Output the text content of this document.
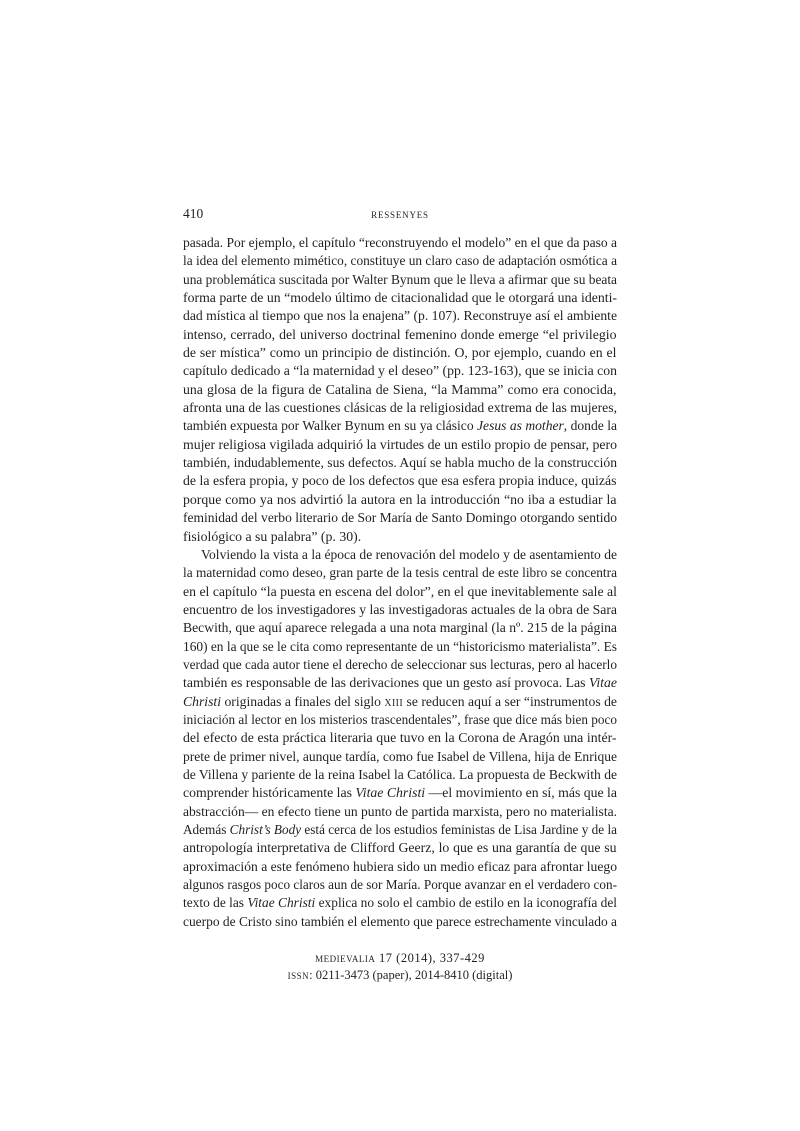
410	ressenyes
pasada. Por ejemplo, el capítulo “reconstruyendo el modelo” en el que da paso a
la idea del elemento mimético, constituye un claro caso de adaptación osmótica a
una problemática suscitada por Walter Bynum que le lleva a afirmar que su beata
forma parte de un “modelo último de citacionalidad que le otorgará una identi-
dad mística al tiempo que nos la enajena” (p. 107). Reconstruye así el ambiente
intenso, cerrado, del universo doctrinal femenino donde emerge “el privilegio
de ser mística” como un principio de distinción. O, por ejemplo, cuando en el
capítulo dedicado a “la maternidad y el deseo” (pp. 123-163), que se inicia con
una glosa de la figura de Catalina de Siena, “la Mamma” como era conocida,
afronta una de las cuestiones clásicas de la religiosidad extrema de las mujeres,
también expuesta por Walker Bynum en su ya clásico Jesus as mother, donde la
mujer religiosa vigilada adquirió la virtudes de un estilo propio de pensar, pero
también, indudablemente, sus defectos. Aquí se habla mucho de la construcción
de la esfera propia, y poco de los defectos que esa esfera propia induce, quizás
porque como ya nos advirtió la autora en la introducción “no iba a estudiar la
feminidad del verbo literario de Sor María de Santo Domingo otorgando sentido
fisiológico a su palabra” (p. 30).
Volviendo la vista a la época de renovación del modelo y de asentamiento de
la maternidad como deseo, gran parte de la tesis central de este libro se concentra
en el capítulo “la puesta en escena del dolor”, en el que inevitablemente sale al
encuentro de los investigadores y las investigadoras actuales de la obra de Sara
Becwith, que aquí aparece relegada a una nota marginal (la nº. 215 de la página
160) en la que se le cita como representante de un “historicismo materialista”. Es
verdad que cada autor tiene el derecho de seleccionar sus lecturas, pero al hacerlo
también es responsable de las derivaciones que un gesto así provoca. Las Vitae
Christi originadas a finales del siglo xiii se reducen aquí a ser “instrumentos de
iniciación al lector en los misterios trascendentales”, frase que dice más bien poco
del efecto de esta práctica literaria que tuvo en la Corona de Aragón una intér-
prete de primer nivel, aunque tardía, como fue Isabel de Villena, hija de Enrique
de Villena y pariente de la reina Isabel la Católica. La propuesta de Beckwith de
comprender históricamente las Vitae Christi —el movimiento en sí, más que la
abstracción— en efecto tiene un punto de partida marxista, pero no materialista.
Además Christ’s Body está cerca de los estudios feministas de Lisa Jardine y de la
antropología interpretativa de Clifford Geerz, lo que es una garantía de que su
aproximación a este fenómeno hubiera sido un medio eficaz para afrontar luego
algunos rasgos poco claros aun de sor María. Porque avanzar en el verdadero con-
texto de las Vitae Christi explica no solo el cambio de estilo en la iconografía del
cuerpo de Cristo sino también el elemento que parece estrechamente vinculado a
medievalia 17 (2014), 337-429
issn: 0211-3473 (paper), 2014-8410 (digital)
